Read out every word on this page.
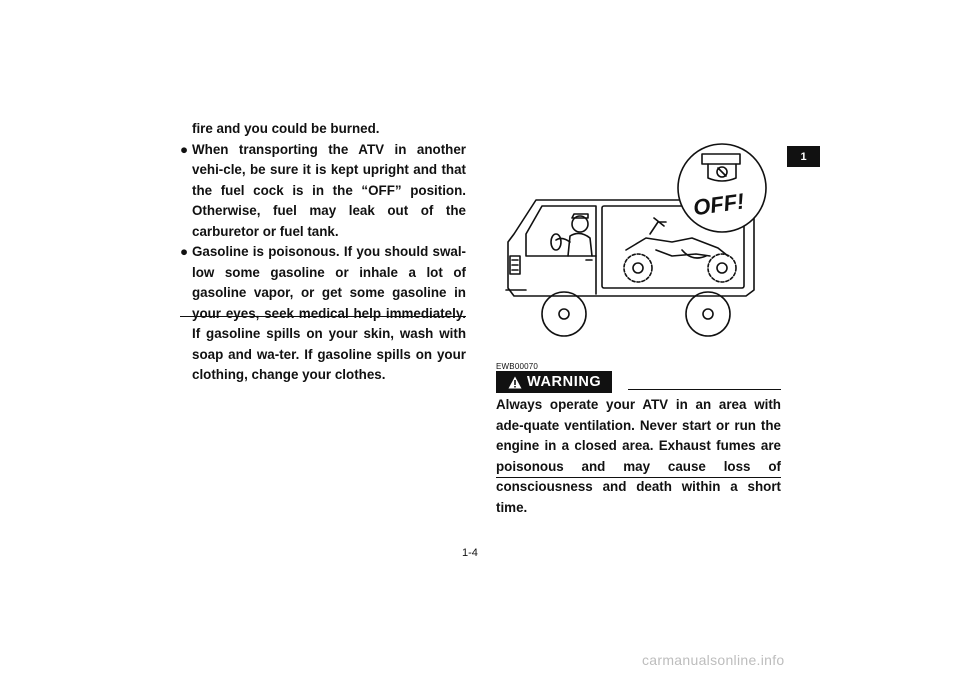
fire and you could be burned.
● When transporting the ATV in another vehi-cle, be sure it is kept upright and that the fuel cock is in the “OFF” position. Otherwise, fuel may leak out of the carburetor or fuel tank.
● Gasoline is poisonous. If you should swal-low some gasoline or inhale a lot of gasoline vapor, or get some gasoline in your eyes, seek medical help immediately. If gasoline spills on your skin, wash with soap and wa-ter. If gasoline spills on your clothing, change your clothes.
1
OFF!
EWB00070
WARNING
Always operate your ATV in an area with ade-quate ventilation. Never start or run the engine in a closed area. Exhaust fumes are poisonous and may cause loss of consciousness and death within a short time.
1-4
carmanualsonline.info
